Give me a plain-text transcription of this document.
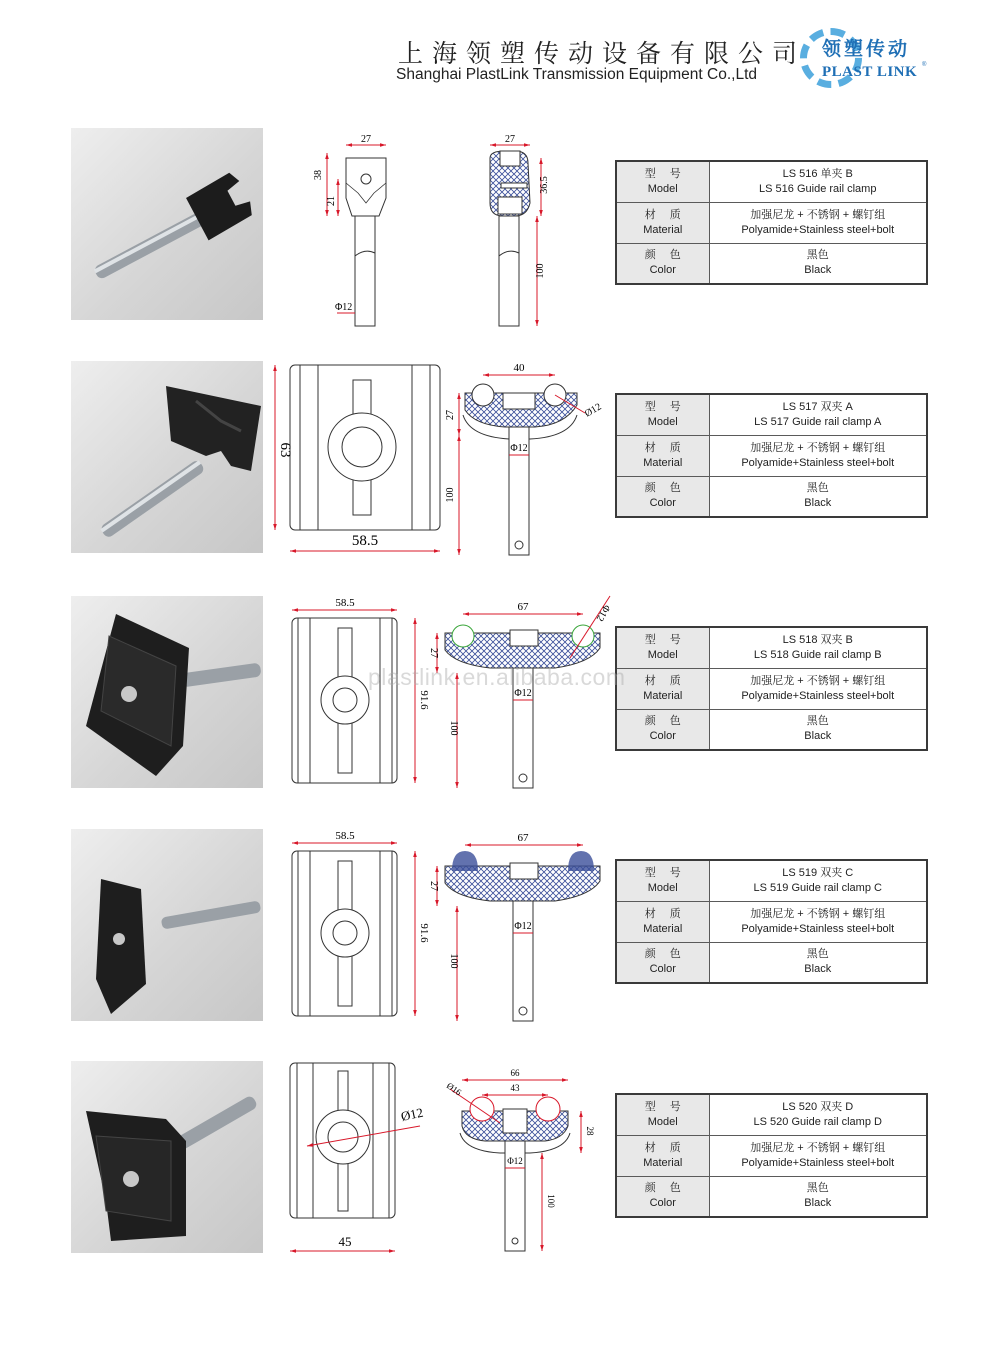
上海领塑传动设备有限公司
Shanghai PlastLink Transmission Equipment Co.,Ltd
领塑传动
PLAST LINK ®
27
38
21
Φ12
27
36.5
100
型号
Model

LS 516 单夹 B
LS 516 Guide rail clamp

材质
Material

加强尼龙 + 不锈钢 + 螺钉组
Polyamide+Stainless steel+bolt

颜色
Color

黑色
Black
63
58.5
40
27
100
Φ12
Ø12	型号
Model

LS 517 双夹 A
LS 517 Guide rail clamp A

材质
Material

加强尼龙 + 不锈钢 + 螺钉组
Polyamide+Stainless steel+bolt

颜色
Color

黑色
Black
58.5
91.6
67
27
100
Φ12
Φ12
型号
Model

LS 518 双夹 B
LS 518 Guide rail clamp B

材质
Material

加强尼龙 + 不锈钢 + 螺钉组
Polyamide+Stainless steel+bolt

颜色
Color

黑色
Black
58.5
91.6
67
27
100
Φ12
型号
Model

LS 519 双夹 C
LS 519 Guide rail clamp C

材质
Material

加强尼龙 + 不锈钢 + 螺钉组
Polyamide+Stainless steel+bolt

颜色
Color

黑色
Black
Ø12
45
66
43
Ø16
28
100
Φ12
型号
Model

LS 520 双夹 D
LS 520 Guide rail clamp D

材质
Material

加强尼龙 + 不锈钢 + 螺钉组
Polyamide+Stainless steel+bolt

颜色
Color

黑色
Black
plastlink.en.alibaba.com
